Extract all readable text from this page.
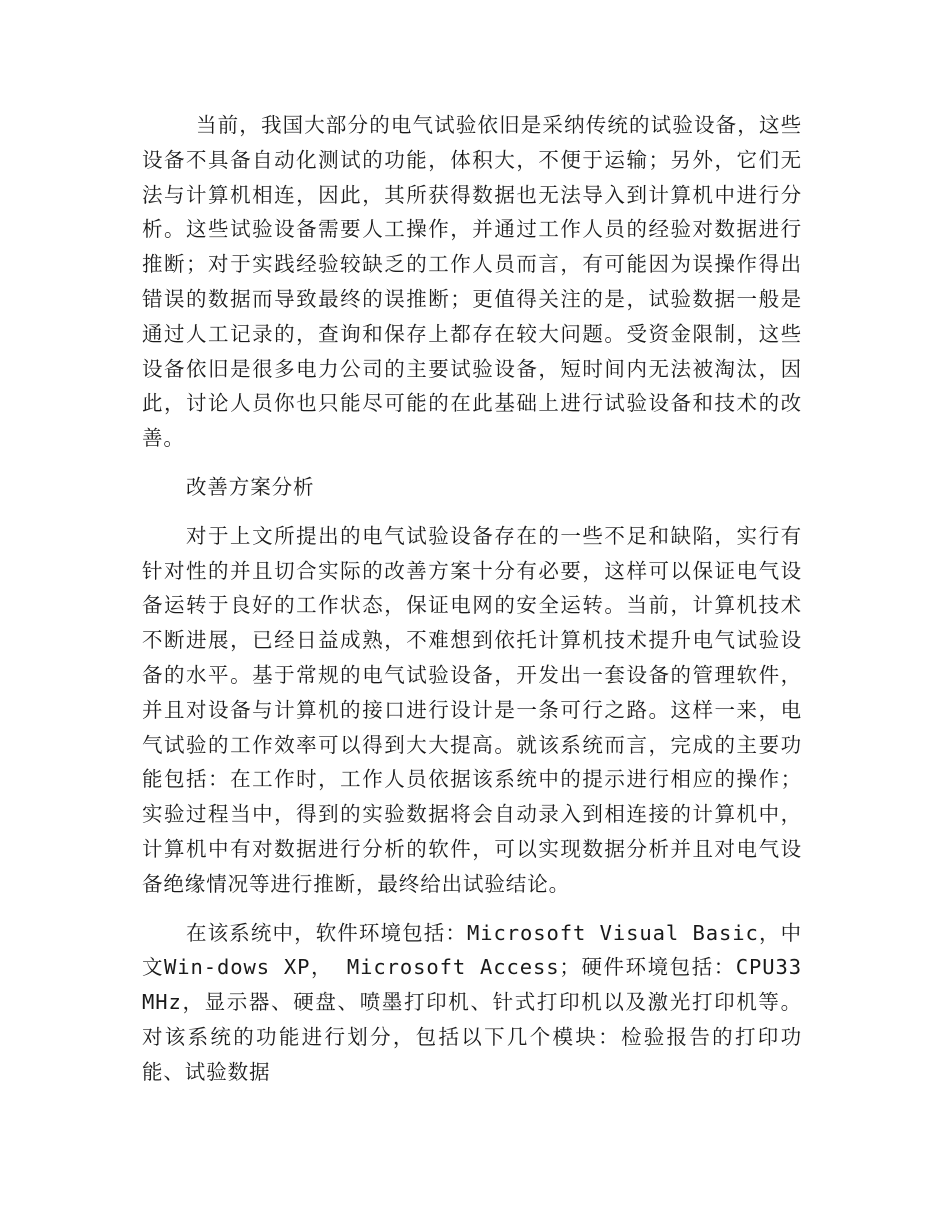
当前，我国大部分的电气试验依旧是采纳传统的试验设备，这些设备不具备自动化测试的功能，体积大，不便于运输；另外，它们无法与计算机相连，因此，其所获得数据也无法导入到计算机中进行分析。这些试验设备需要人工操作，并通过工作人员的经验对数据进行推断；对于实践经验较缺乏的工作人员而言，有可能因为误操作得出错误的数据而导致最终的误推断；更值得关注的是，试验数据一般是通过人工记录的，查询和保存上都存在较大问题。受资金限制，这些设备依旧是很多电力公司的主要试验设备，短时间内无法被淘汰，因此，讨论人员你也只能尽可能的在此基础上进行试验设备和技术的改善。

改善方案分析

对于上文所提出的电气试验设备存在的一些不足和缺陷，实行有针对性的并且切合实际的改善方案十分有必要，这样可以保证电气设备运转于良好的工作状态，保证电网的安全运转。当前，计算机技术不断进展，已经日益成熟，不难想到依托计算机技术提升电气试验设备的水平。基于常规的电气试验设备，开发出一套设备的管理软件，并且对设备与计算机的接口进行设计是一条可行之路。这样一来，电气试验的工作效率可以得到大大提高。就该系统而言，完成的主要功能包括：在工作时，工作人员依据该系统中的提示进行相应的操作；实验过程当中，得到的实验数据将会自动录入到相连接的计算机中，计算机中有对数据进行分析的软件，可以实现数据分析并且对电气设备绝缘情况等进行推断，最终给出试验结论。

在该系统中，软件环境包括：Microsoft Visual Basic，中文Win-dows XP， Microsoft Access；硬件环境包括：CPU33MHz，显示器、硬盘、喷墨打印机、针式打印机以及激光打印机等。对该系统的功能进行划分，包括以下几个模块：检验报告的打印功能、试验数据
